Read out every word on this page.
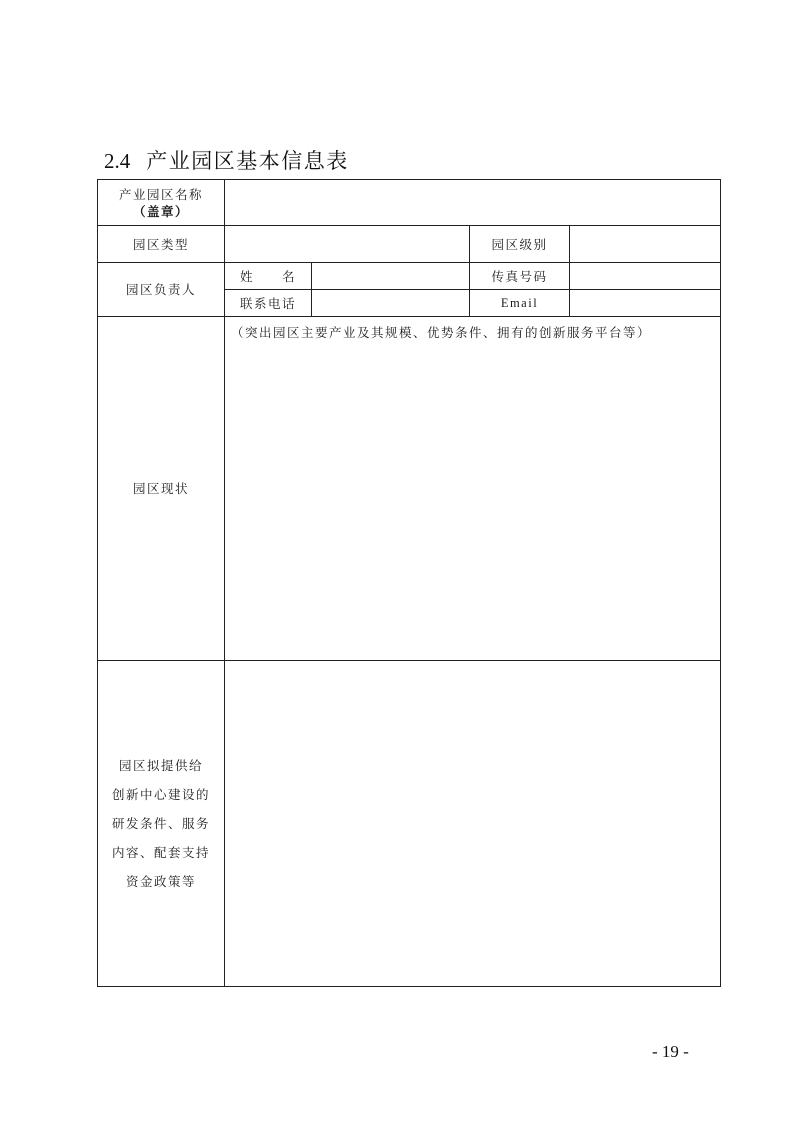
2.4 产业园区基本信息表
产业园区名称
（盖章）				

园区类型			园区级别	
园区负责人	姓　　名		传真号码	
	联系电话		Email	
园区现状	（突出园区主要产业及其规模、优势条件、拥有的创新服务平台等）			

园区拟提供给
创新中心建设的
研发条件、服务
内容、配套支持
资金政策等				

- 19 -
